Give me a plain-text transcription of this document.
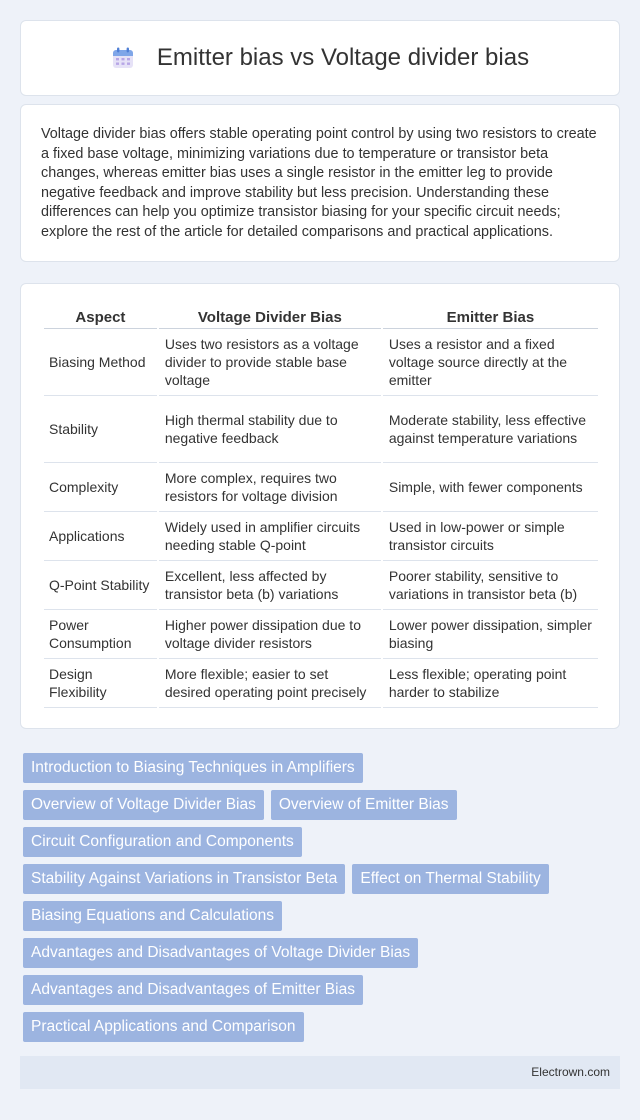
Emitter bias vs Voltage divider bias

Voltage divider bias offers stable operating point control by using two resistors to create a fixed base voltage, minimizing variations due to temperature or transistor beta changes, whereas emitter bias uses a single resistor in the emitter leg to provide negative feedback and improve stability but less precision. Understanding these differences can help you optimize transistor biasing for your specific circuit needs; explore the rest of the article for detailed comparisons and practical applications.

Aspect	Voltage Divider Bias	Emitter Bias
Biasing Method	Uses two resistors as a voltage divider to provide stable base voltage	Uses a resistor and a fixed voltage source directly at the emitter
Stability	High thermal stability due to negative feedback	Moderate stability, less effective against temperature variations
Complexity	More complex, requires two resistors for voltage division	Simple, with fewer components
Applications	Widely used in amplifier circuits needing stable Q-point	Used in low-power or simple transistor circuits
Q-Point Stability	Excellent, less affected by transistor beta (b) variations	Poorer stability, sensitive to variations in transistor beta (b)
Power Consumption	Higher power dissipation due to voltage divider resistors	Lower power dissipation, simpler biasing
Design Flexibility	More flexible; easier to set desired operating point precisely	Less flexible; operating point harder to stabilize
Introduction to Biasing Techniques in Amplifiers
Overview of Voltage Divider Bias	Overview of Emitter Bias
Circuit Configuration and Components
Stability Against Variations in Transistor Beta	Effect on Thermal Stability
Biasing Equations and Calculations
Advantages and Disadvantages of Voltage Divider Bias
Advantages and Disadvantages of Emitter Bias
Practical Applications and Comparison
Electrown.com
